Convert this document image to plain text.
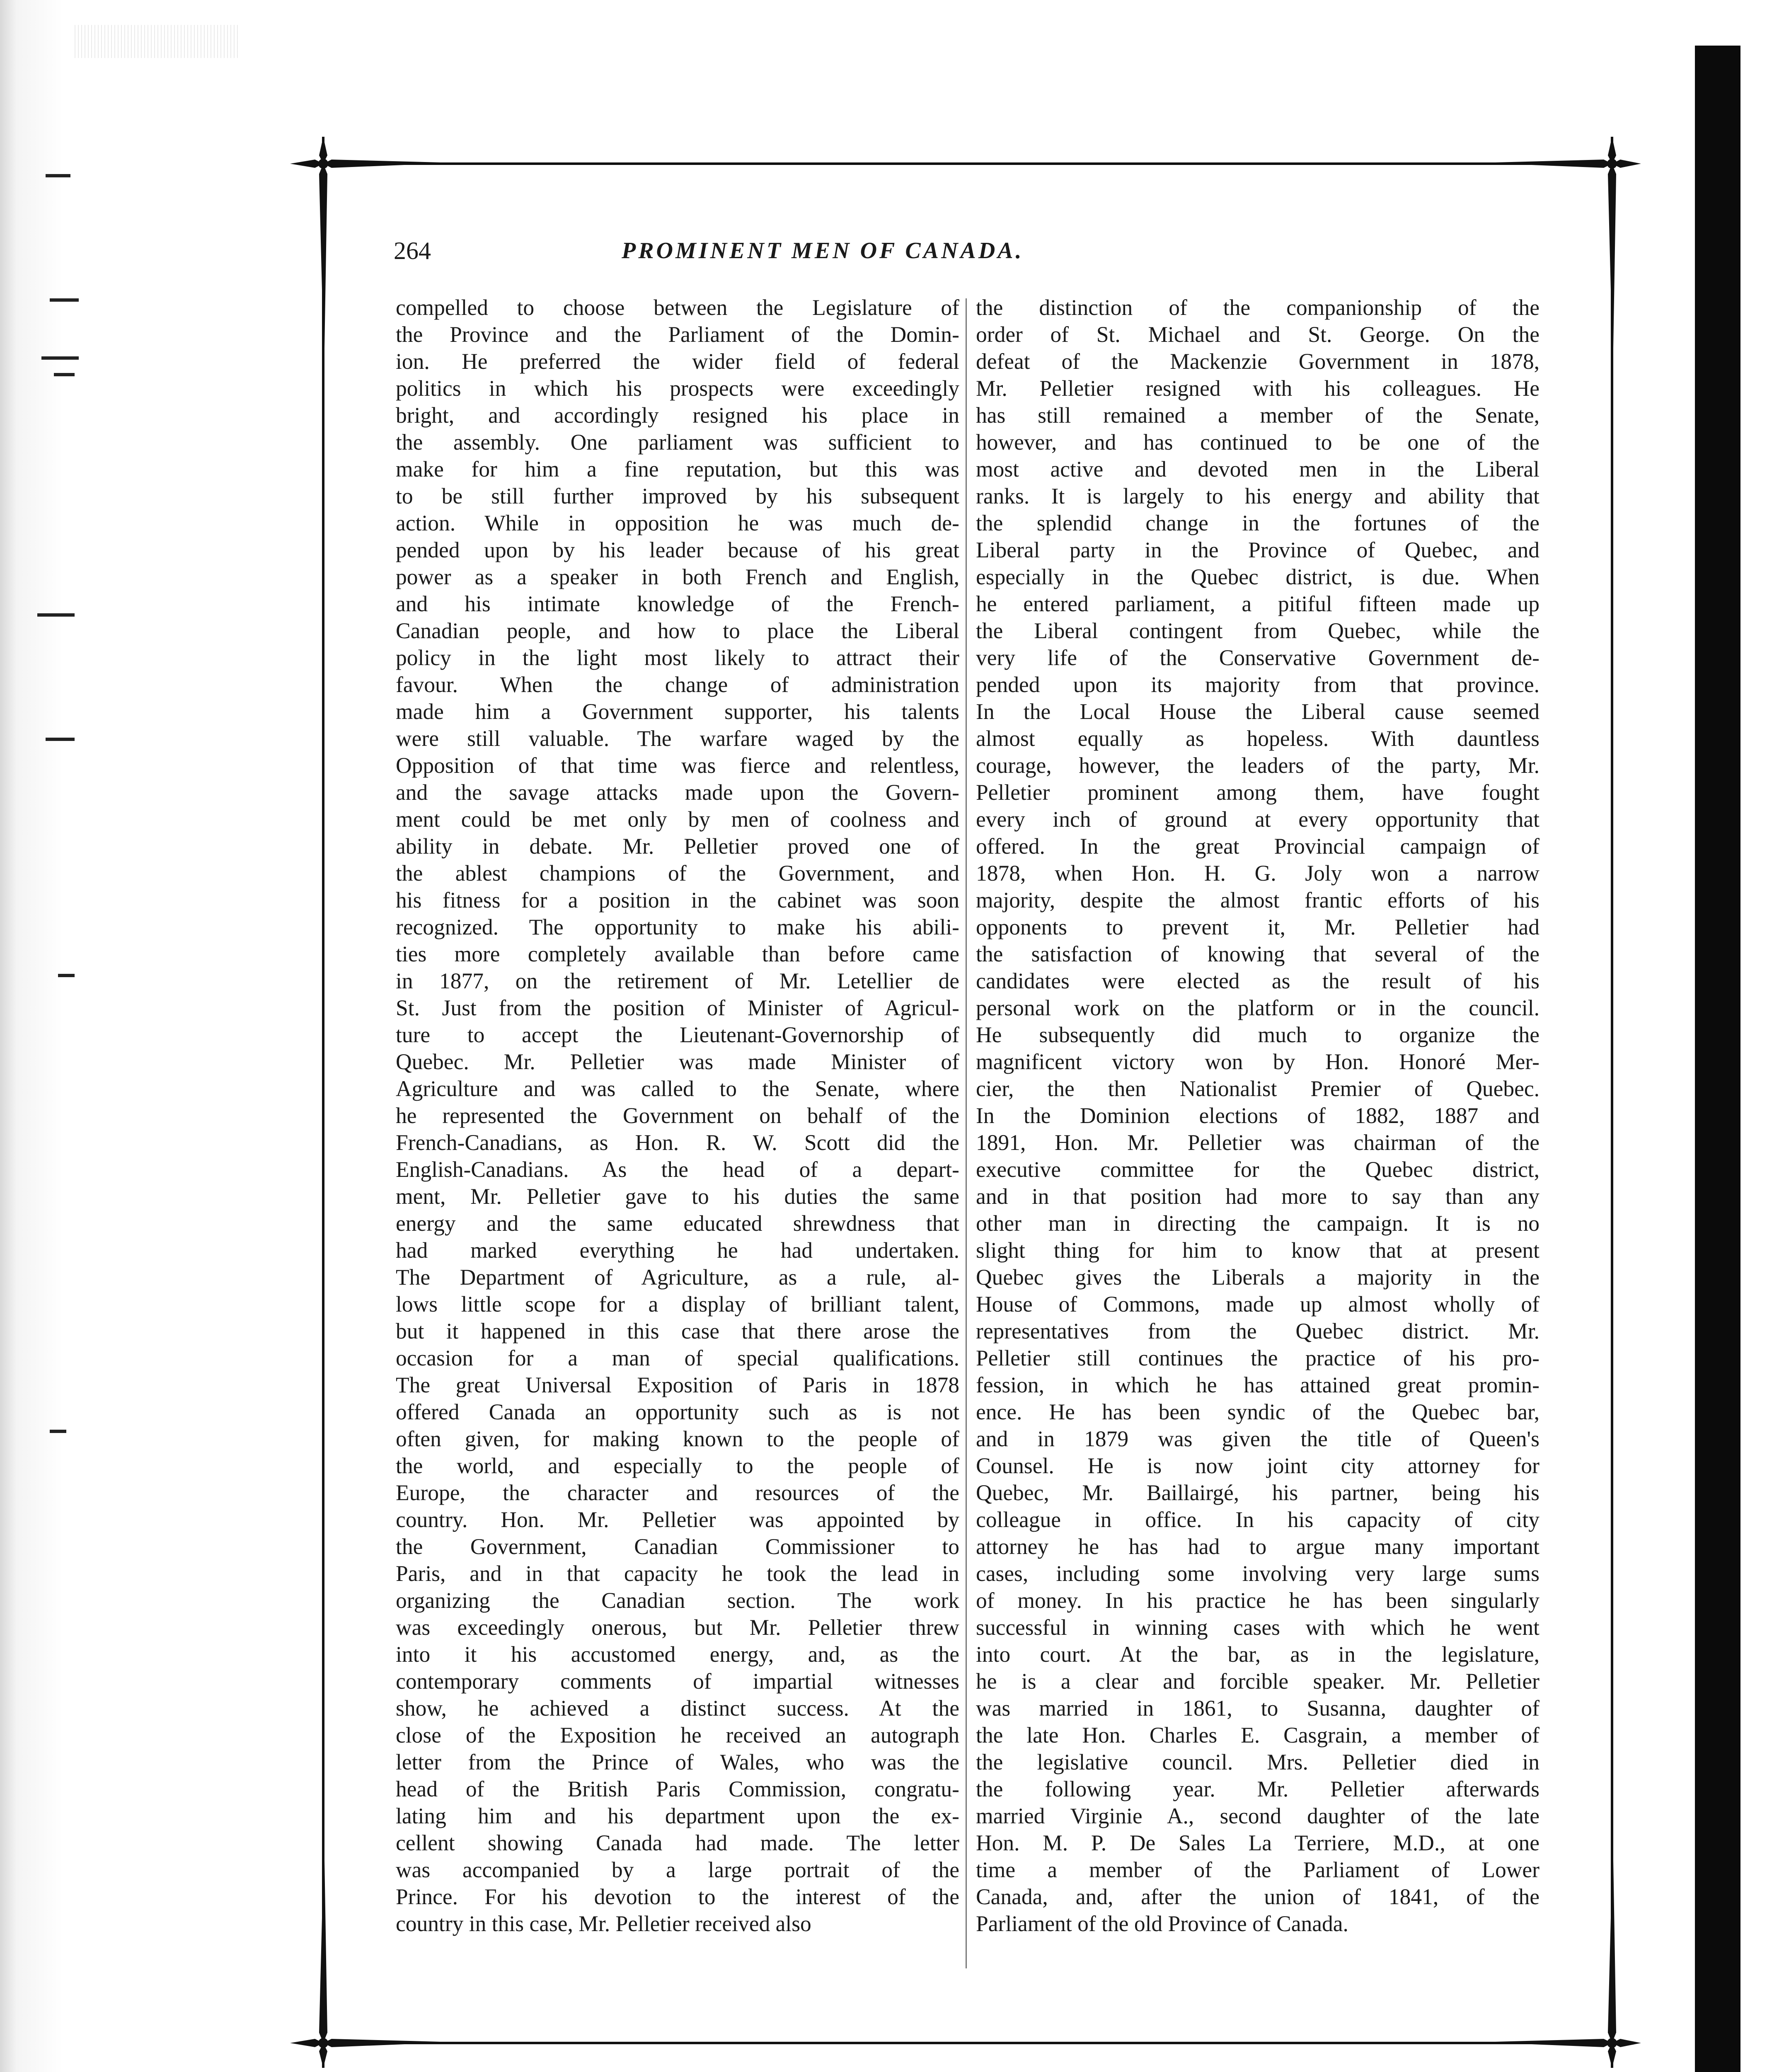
264	PROMINENT MEN OF CANADA.
compelled to choose between the Legislature of
the Province and the Parliament of the Domin-
ion. He preferred the wider field of federal
politics in which his prospects were exceedingly
bright, and accordingly resigned his place in
the assembly. One parliament was sufficient to
make for him a fine reputation, but this was
to be still further improved by his subsequent
action. While in opposition he was much de-
pended upon by his leader because of his great
power as a speaker in both French and English,
and his intimate knowledge of the French-
Canadian people, and how to place the Liberal
policy in the light most likely to attract their
favour. When the change of administration
made him a Government supporter, his talents
were still valuable. The warfare waged by the
Opposition of that time was fierce and relentless,
and the savage attacks made upon the Govern-
ment could be met only by men of coolness and
ability in debate. Mr. Pelletier proved one of
the ablest champions of the Government, and
his fitness for a position in the cabinet was soon
recognized. The opportunity to make his abili-
ties more completely available than before came
in 1877, on the retirement of Mr. Letellier de
St. Just from the position of Minister of Agricul-
ture to accept the Lieutenant-Governorship of
Quebec. Mr. Pelletier was made Minister of
Agriculture and was called to the Senate, where
he represented the Government on behalf of the
French-Canadians, as Hon. R. W. Scott did the
English-Canadians. As the head of a depart-
ment, Mr. Pelletier gave to his duties the same
energy and the same educated shrewdness that
had marked everything he had undertaken.
The Department of Agriculture, as a rule, al-
lows little scope for a display of brilliant talent,
but it happened in this case that there arose the
occasion for a man of special qualifications.
The great Universal Exposition of Paris in 1878
offered Canada an opportunity such as is not
often given, for making known to the people of
the world, and especially to the people of
Europe, the character and resources of the
country. Hon. Mr. Pelletier was appointed by
the Government, Canadian Commissioner to
Paris, and in that capacity he took the lead in
organizing the Canadian section. The work
was exceedingly onerous, but Mr. Pelletier threw
into it his accustomed energy, and, as the
contemporary comments of impartial witnesses
show, he achieved a distinct success. At the
close of the Exposition he received an autograph
letter from the Prince of Wales, who was the
head of the British Paris Commission, congratu-
lating him and his department upon the ex-
cellent showing Canada had made. The letter
was accompanied by a large portrait of the
Prince. For his devotion to the interest of the
country in this case, Mr. Pelletier received also
the distinction of the companionship of the
order of St. Michael and St. George. On the
defeat of the Mackenzie Government in 1878,
Mr. Pelletier resigned with his colleagues. He
has still remained a member of the Senate,
however, and has continued to be one of the
most active and devoted men in the Liberal
ranks. It is largely to his energy and ability that
the splendid change in the fortunes of the
Liberal party in the Province of Quebec, and
especially in the Quebec district, is due. When
he entered parliament, a pitiful fifteen made up
the Liberal contingent from Quebec, while the
very life of the Conservative Government de-
pended upon its majority from that province.
In the Local House the Liberal cause seemed
almost equally as hopeless. With dauntless
courage, however, the leaders of the party, Mr.
Pelletier prominent among them, have fought
every inch of ground at every opportunity that
offered. In the great Provincial campaign of
1878, when Hon. H. G. Joly won a narrow
majority, despite the almost frantic efforts of his
opponents to prevent it, Mr. Pelletier had
the satisfaction of knowing that several of the
candidates were elected as the result of his
personal work on the platform or in the council.
He subsequently did much to organize the
magnificent victory won by Hon. Honoré Mer-
cier, the then Nationalist Premier of Quebec.
In the Dominion elections of 1882, 1887 and
1891, Hon. Mr. Pelletier was chairman of the
executive committee for the Quebec district,
and in that position had more to say than any
other man in directing the campaign. It is no
slight thing for him to know that at present
Quebec gives the Liberals a majority in the
House of Commons, made up almost wholly of
representatives from the Quebec district. Mr.
Pelletier still continues the practice of his pro-
fession, in which he has attained great promin-
ence. He has been syndic of the Quebec bar,
and in 1879 was given the title of Queen's
Counsel. He is now joint city attorney for
Quebec, Mr. Baillairgé, his partner, being his
colleague in office. In his capacity of city
attorney he has had to argue many important
cases, including some involving very large sums
of money. In his practice he has been singularly
successful in winning cases with which he went
into court. At the bar, as in the legislature,
he is a clear and forcible speaker. Mr. Pelletier
was married in 1861, to Susanna, daughter of
the late Hon. Charles E. Casgrain, a member of
the legislative council. Mrs. Pelletier died in
the following year. Mr. Pelletier afterwards
married Virginie A., second daughter of the late
Hon. M. P. De Sales La Terriere, M.D., at one
time a member of the Parliament of Lower
Canada, and, after the union of 1841, of the
Parliament of the old Province of Canada.
